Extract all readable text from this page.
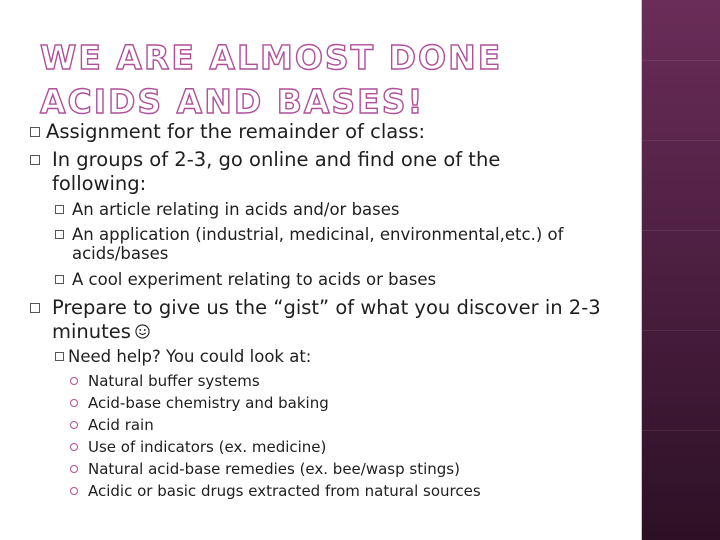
WE ARE ALMOST DONE ACIDS AND BASES!
Assignment for the remainder of class:
In groups of 2-3, go online and find one of the following:
An article relating in acids and/or bases
An application (industrial, medicinal, environmental,etc.) of acids/bases
A cool experiment relating to acids or bases
Prepare to give us the “gist” of what you discover in 2-3 minutes
Need help? You could look at:
Natural buffer systems
Acid-base chemistry and baking
Acid rain
Use of indicators (ex. medicine)
Natural acid-base remedies (ex. bee/wasp stings)
Acidic or basic drugs extracted from natural sources
